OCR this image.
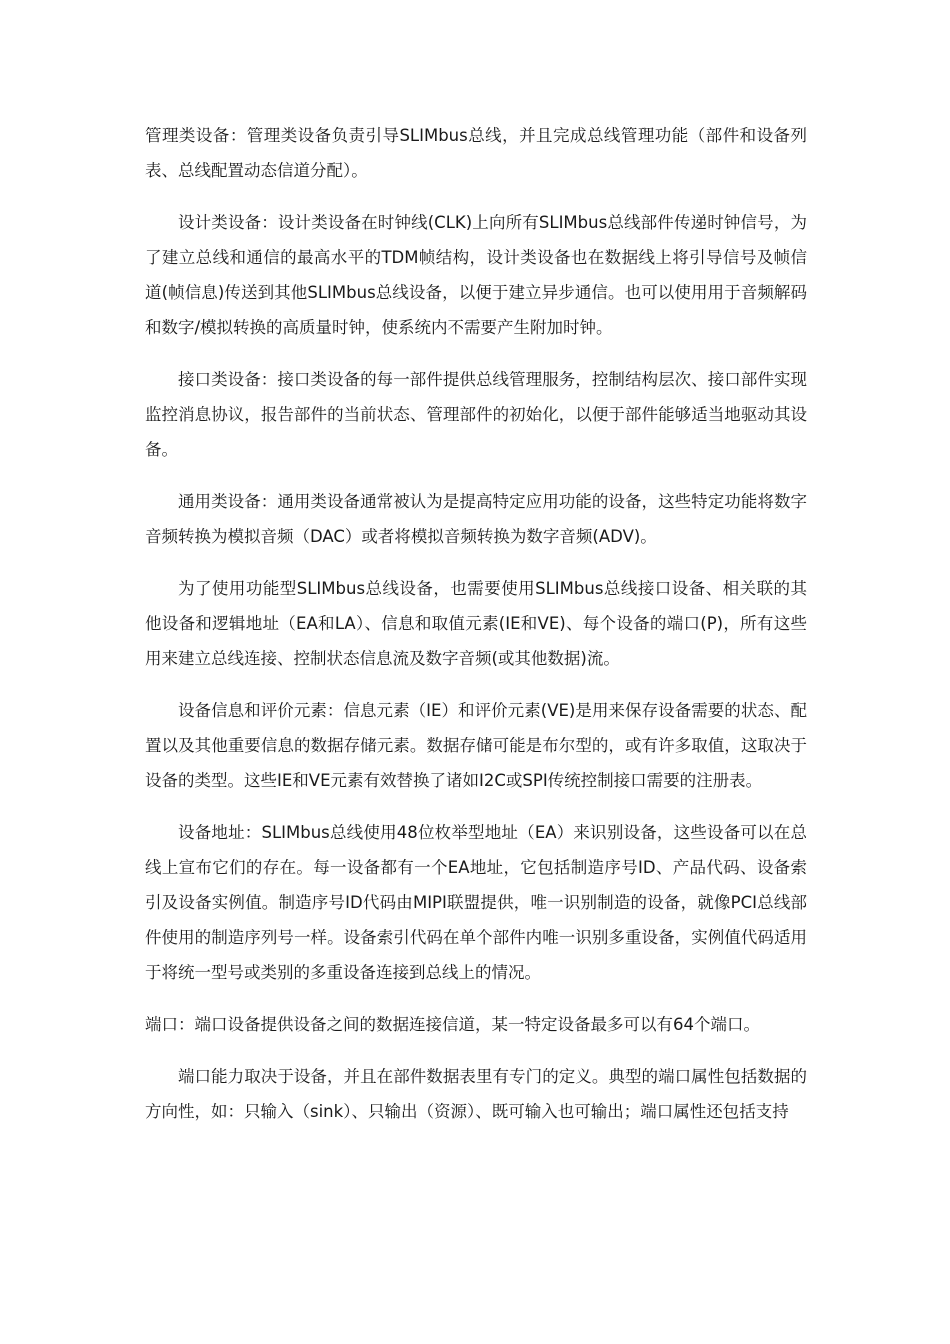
管理类设备：管理类设备负责引导SLIMbus总线，并且完成总线管理功能（部件和设备列表、总线配置动态信道分配）。

设计类设备：设计类设备在时钟线(CLK)上向所有SLIMbus总线部件传递时钟信号，为了建立总线和通信的最高水平的TDM帧结构，设计类设备也在数据线上将引导信号及帧信道(帧信息)传送到其他SLIMbus总线设备，以便于建立异步通信。也可以使用用于音频解码和数字/模拟转换的高质量时钟，使系统内不需要产生附加时钟。

接口类设备：接口类设备的每一部件提供总线管理服务，控制结构层次、接口部件实现监控消息协议，报告部件的当前状态、管理部件的初始化，以便于部件能够适当地驱动其设备。

通用类设备：通用类设备通常被认为是提高特定应用功能的设备，这些特定功能将数字音频转换为模拟音频（DAC）或者将模拟音频转换为数字音频(ADV)。

为了使用功能型SLIMbus总线设备，也需要使用SLIMbus总线接口设备、相关联的其他设备和逻辑地址（EA和LA）、信息和取值元素(IE和VE)、每个设备的端口(P)，所有这些用来建立总线连接、控制状态信息流及数字音频(或其他数据)流。

设备信息和评价元素：信息元素（IE）和评价元素(VE)是用来保存设备需要的状态、配置以及其他重要信息的数据存储元素。数据存储可能是布尔型的，或有许多取值，这取决于设备的类型。这些IE和VE元素有效替换了诸如I2C或SPI传统控制接口需要的注册表。

设备地址：SLIMbus总线使用48位枚举型地址（EA）来识别设备，这些设备可以在总线上宣布它们的存在。每一设备都有一个EA地址，它包括制造序号ID、产品代码、设备索引及设备实例值。制造序号ID代码由MIPI联盟提供，唯一识别制造的设备，就像PCI总线部件使用的制造序列号一样。设备索引代码在单个部件内唯一识别多重设备，实例值代码适用于将统一型号或类别的多重设备连接到总线上的情况。

端口：端口设备提供设备之间的数据连接信道，某一特定设备最多可以有64个端口。

端口能力取决于设备，并且在部件数据表里有专门的定义。典型的端口属性包括数据的方向性，如：只输入（sink）、只输出（资源）、既可输入也可输出；端口属性还包括支持
